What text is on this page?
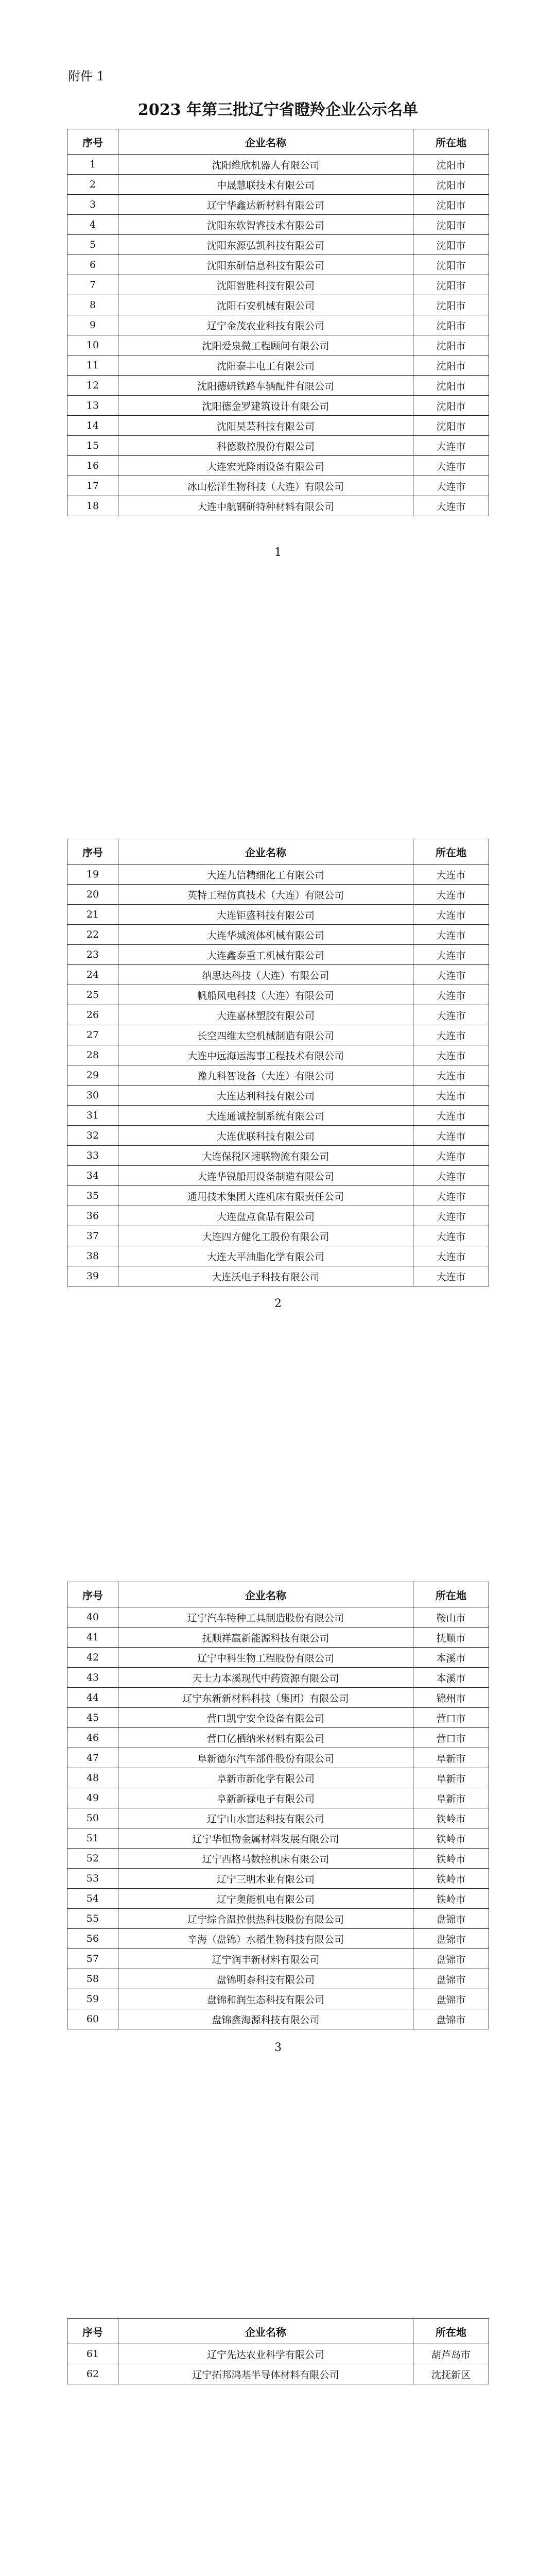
附件 1
2023 年第三批辽宁省瞪羚企业公示名单
序号	企业名称	所在地
1	沈阳维欣机器人有限公司	沈阳市
2	中晟慧联技术有限公司	沈阳市
3	辽宁华鑫达新材料有限公司	沈阳市
4	沈阳东软智睿技术有限公司	沈阳市
5	沈阳东源弘凯科技有限公司	沈阳市
6	沈阳东研信息科技有限公司	沈阳市
7	沈阳智胜科技有限公司	沈阳市
8	沈阳石安机械有限公司	沈阳市
9	辽宁金茂农业科技有限公司	沈阳市
10	沈阳爱泉微工程顾问有限公司	沈阳市
11	沈阳泰丰电工有限公司	沈阳市
12	沈阳德研铁路车辆配件有限公司	沈阳市
13	沈阳德金罗建筑设计有限公司	沈阳市
14	沈阳昊芸科技有限公司	沈阳市
15	科德数控股份有限公司	大连市
16	大连宏光降雨设备有限公司	大连市
17	冰山松洋生物科技（大连）有限公司	大连市
18	大连中航钢研特种材料有限公司	大连市
1
序号	企业名称	所在地
19	大连九信精细化工有限公司	大连市
20	英特工程仿真技术（大连）有限公司	大连市
21	大连钜盛科技有限公司	大连市
22	大连华城流体机械有限公司	大连市
23	大连鑫泰重工机械有限公司	大连市
24	纳思达科技（大连）有限公司	大连市
25	帆船风电科技（大连）有限公司	大连市
26	大连嘉林塑胶有限公司	大连市
27	长空四维太空机械制造有限公司	大连市
28	大连中远海运海事工程技术有限公司	大连市
29	豫九科智设备（大连）有限公司	大连市
30	大连达利科技有限公司	大连市
31	大连通诚控制系统有限公司	大连市
32	大连优联科技有限公司	大连市
33	大连保税区速联物流有限公司	大连市
34	大连华锐船用设备制造有限公司	大连市
35	通用技术集团大连机床有限责任公司	大连市
36	大连盘点食品有限公司	大连市
37	大连四方健化工股份有限公司	大连市
38	大连大平油脂化学有限公司	大连市
39	大连沃电子科技有限公司	大连市
2
序号	企业名称	所在地
40	辽宁汽车特种工具制造股份有限公司	鞍山市
41	抚顺祥赢新能源科技有限公司	抚顺市
42	辽宁中科生物工程股份有限公司	本溪市
43	天士力本溪现代中药资源有限公司	本溪市
44	辽宁东新新材料科技（集团）有限公司	锦州市
45	营口凯宁安全设备有限公司	营口市
46	营口亿栖纳米材料有限公司	营口市
47	阜新德尔汽车部件股份有限公司	阜新市
48	阜新市新化学有限公司	阜新市
49	阜新新禄电子有限公司	阜新市
50	辽宁山水富达科技有限公司	铁岭市
51	辽宁华恒物金属材料发展有限公司	铁岭市
52	辽宁西格马数控机床有限公司	铁岭市
53	辽宁三明木业有限公司	铁岭市
54	辽宁奥能机电有限公司	铁岭市
55	辽宁综合温控供热科技股份有限公司	盘锦市
56	辛海（盘锦）水稻生物科技有限公司	盘锦市
57	辽宁润丰新材料有限公司	盘锦市
58	盘锦明泰科技有限公司	盘锦市
59	盘锦和润生态科技有限公司	盘锦市
60	盘锦鑫海源科技有限公司	盘锦市
3
序号	企业名称	所在地
61	辽宁先达农业科学有限公司	葫芦岛市
62	辽宁拓邦鸿基半导体材料有限公司	沈抚新区
